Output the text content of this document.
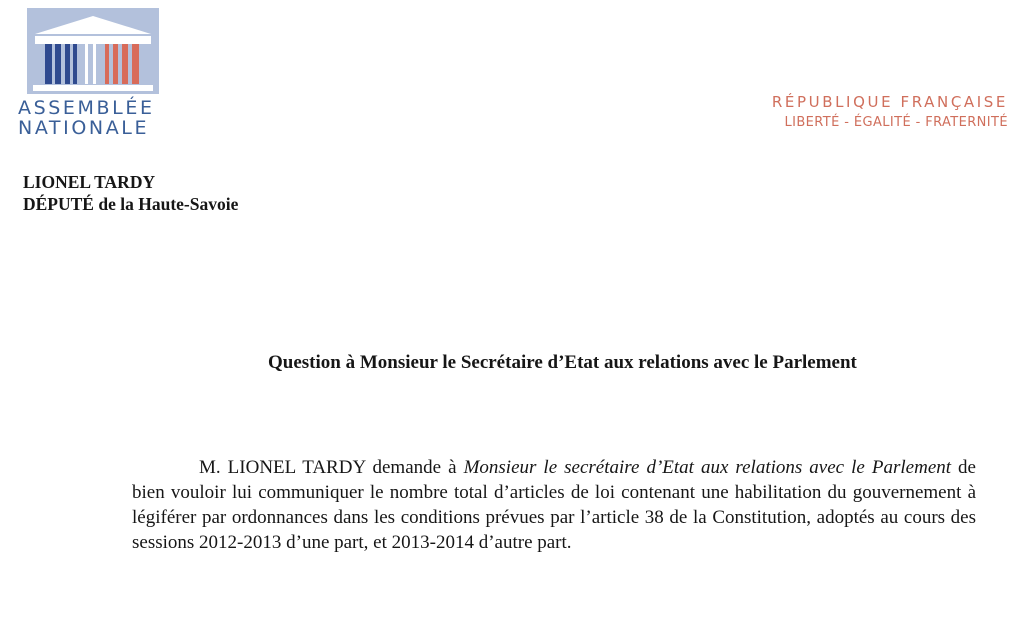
ASSEMBLÉE
NATIONALE
RÉPUBLIQUE FRANÇAISE
LIBERTÉ - ÉGALITÉ - FRATERNITÉ
LIONEL TARDY
DÉPUTÉ de la Haute-Savoie
Question à Monsieur le Secrétaire d’Etat aux relations avec le Parlement

M. LIONEL TARDY demande à Monsieur le secrétaire d’Etat aux relations avec le Parlement de bien vouloir lui communiquer le nombre total d’articles de loi contenant une habilitation du gouvernement à légiférer par ordonnances dans les conditions prévues par l’article 38 de la Constitution, adoptés au cours des sessions 2012-2013 d’une part, et 2013-2014 d’autre part.
